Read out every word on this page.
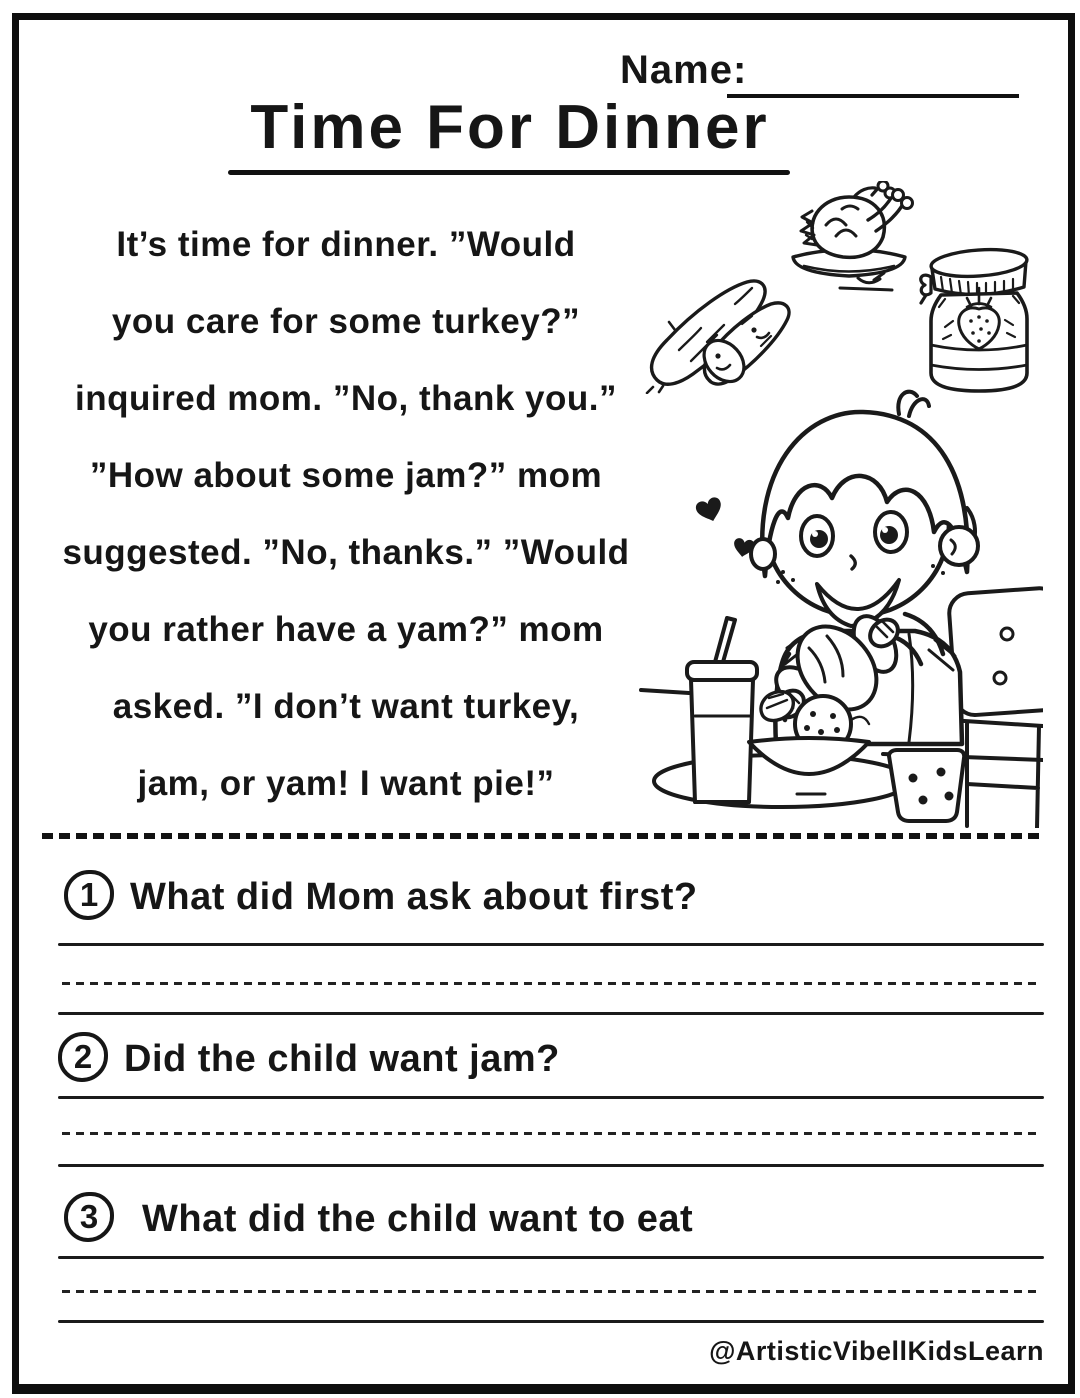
Name:
Time For Dinner
It’s time for dinner. ”Would
you care for some turkey?”
inquired mom. ”No, thank you.”
”How about some jam?” mom
suggested. ”No, thanks.” ”Would
you rather have a yam?” mom
asked. ”I don’t want turkey,
jam, or yam! I want pie!”
1 What did Mom ask about first?
2 Did the child want jam?
3	What did the child want to eat
@ArtisticVibellKidsLearn
